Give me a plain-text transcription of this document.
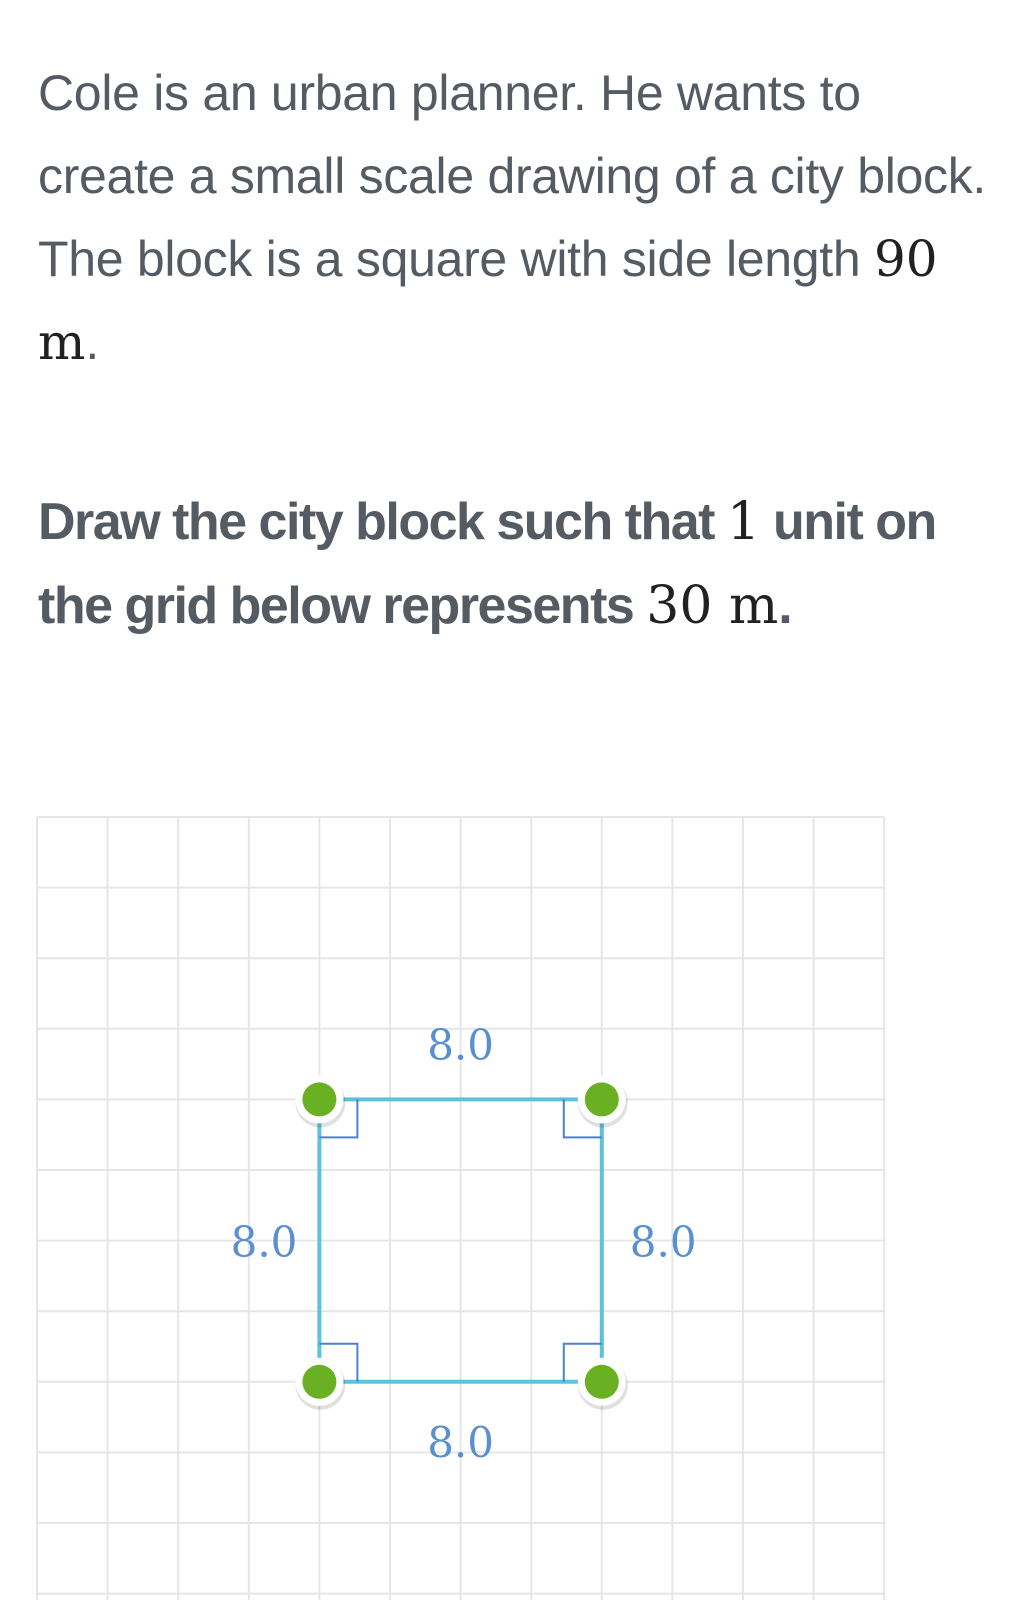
Cole is an urban planner. He wants to create a small scale drawing of a city block. The block is a square with side length 90 m.
Draw the city block such that 1 unit on the grid below represents 30 m.
8.0
8.0
8.0	8.0
